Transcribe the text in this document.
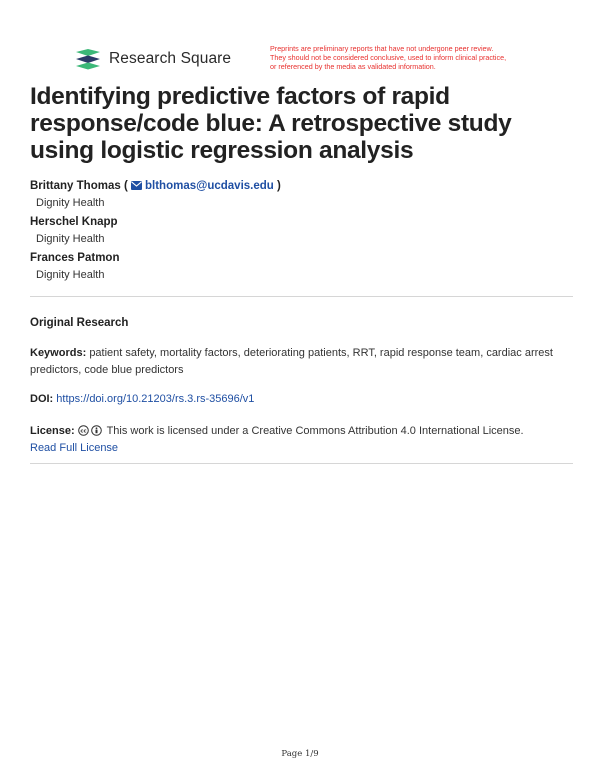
Research Square
Preprints are preliminary reports that have not undergone peer review.
They should not be considered conclusive, used to inform clinical practice,
or referenced by the media as validated information.
Identifying predictive factors of rapid response/code blue: A retrospective study using logistic regression analysis
Brittany Thomas ( blthomas@ucdavis.edu )
Dignity Health
Herschel Knapp
Dignity Health
Frances Patmon
Dignity Health
Original Research
Keywords: patient safety, mortality factors, deteriorating patients, RRT, rapid response team, cardiac arrest predictors, code blue predictors
DOI: https://doi.org/10.21203/rs.3.rs-35696/v1
License: cc This work is licensed under a Creative Commons Attribution 4.0 International License.
Read Full License
Page 1/9
